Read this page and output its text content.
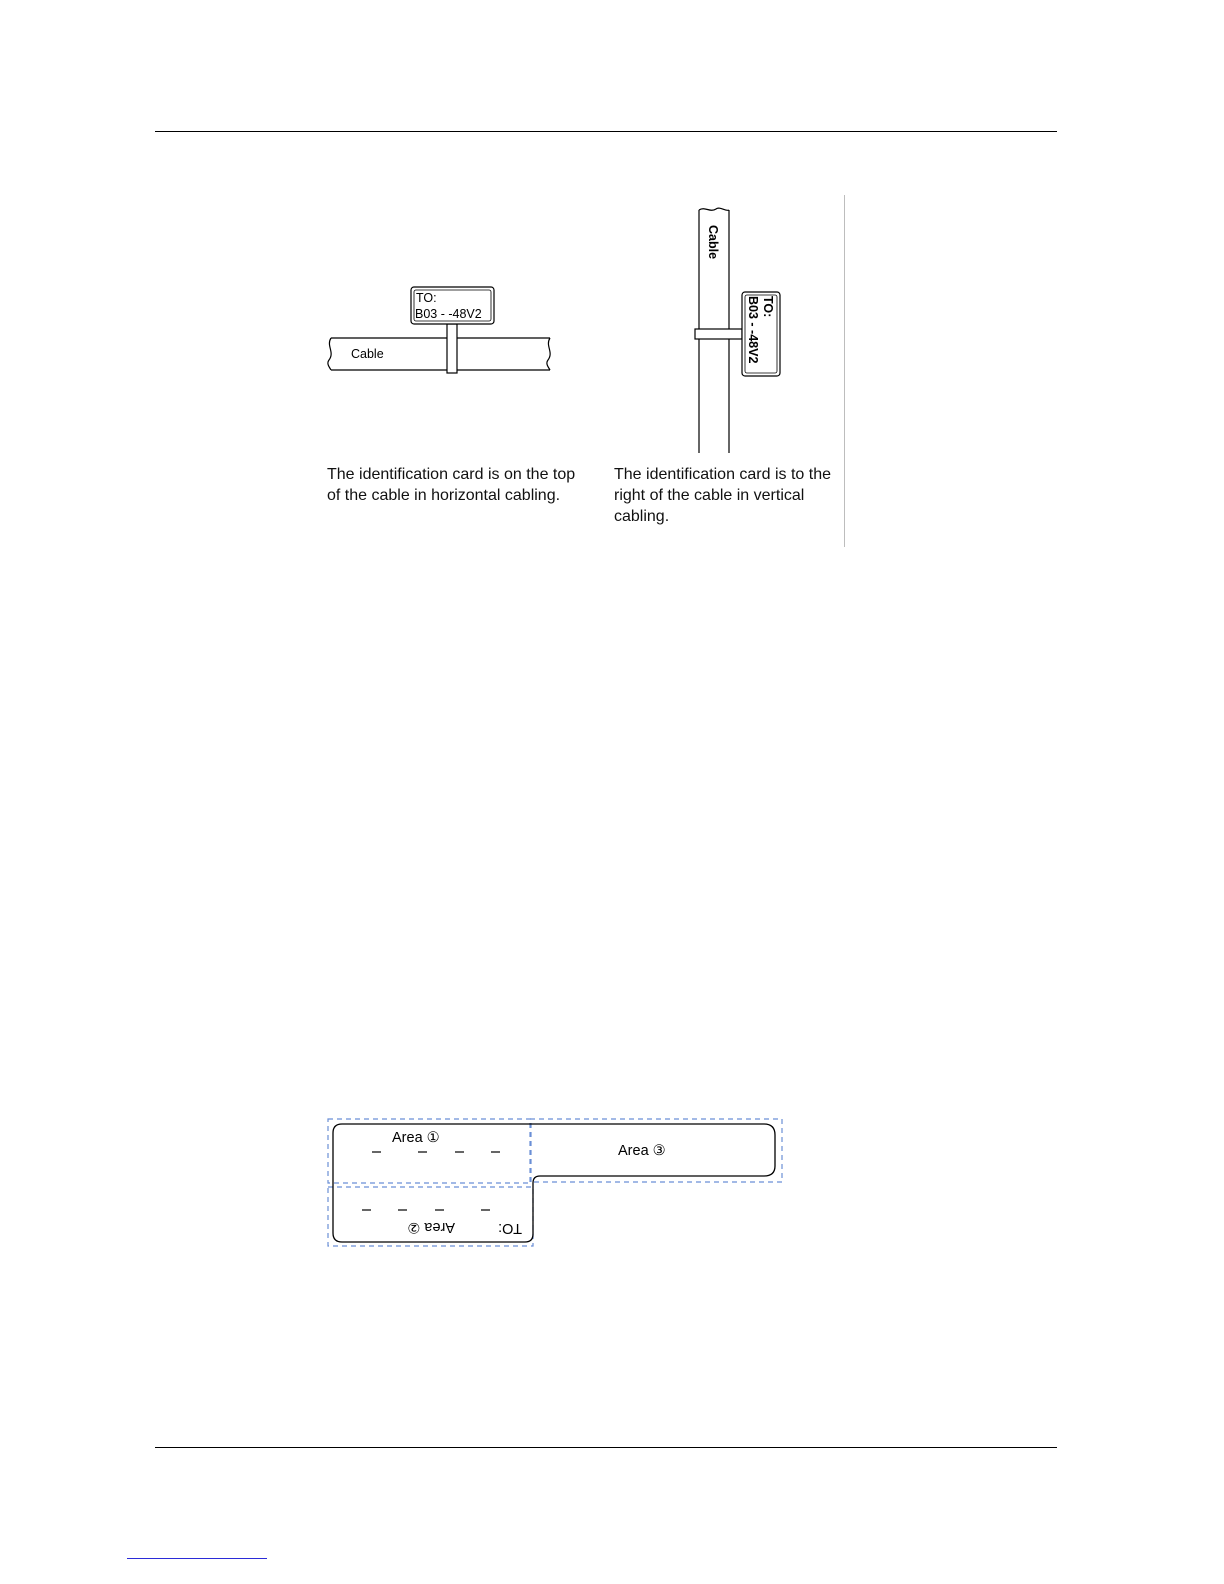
Cable
TO:
B03 - -48V2
Cable
TO:
B03 - -48V2
Area ①
Area ②	TO:
Area ③
The identification card is on the top of the cable in horizontal cabling.
The identification card is to the right of the cable in vertical cabling.
